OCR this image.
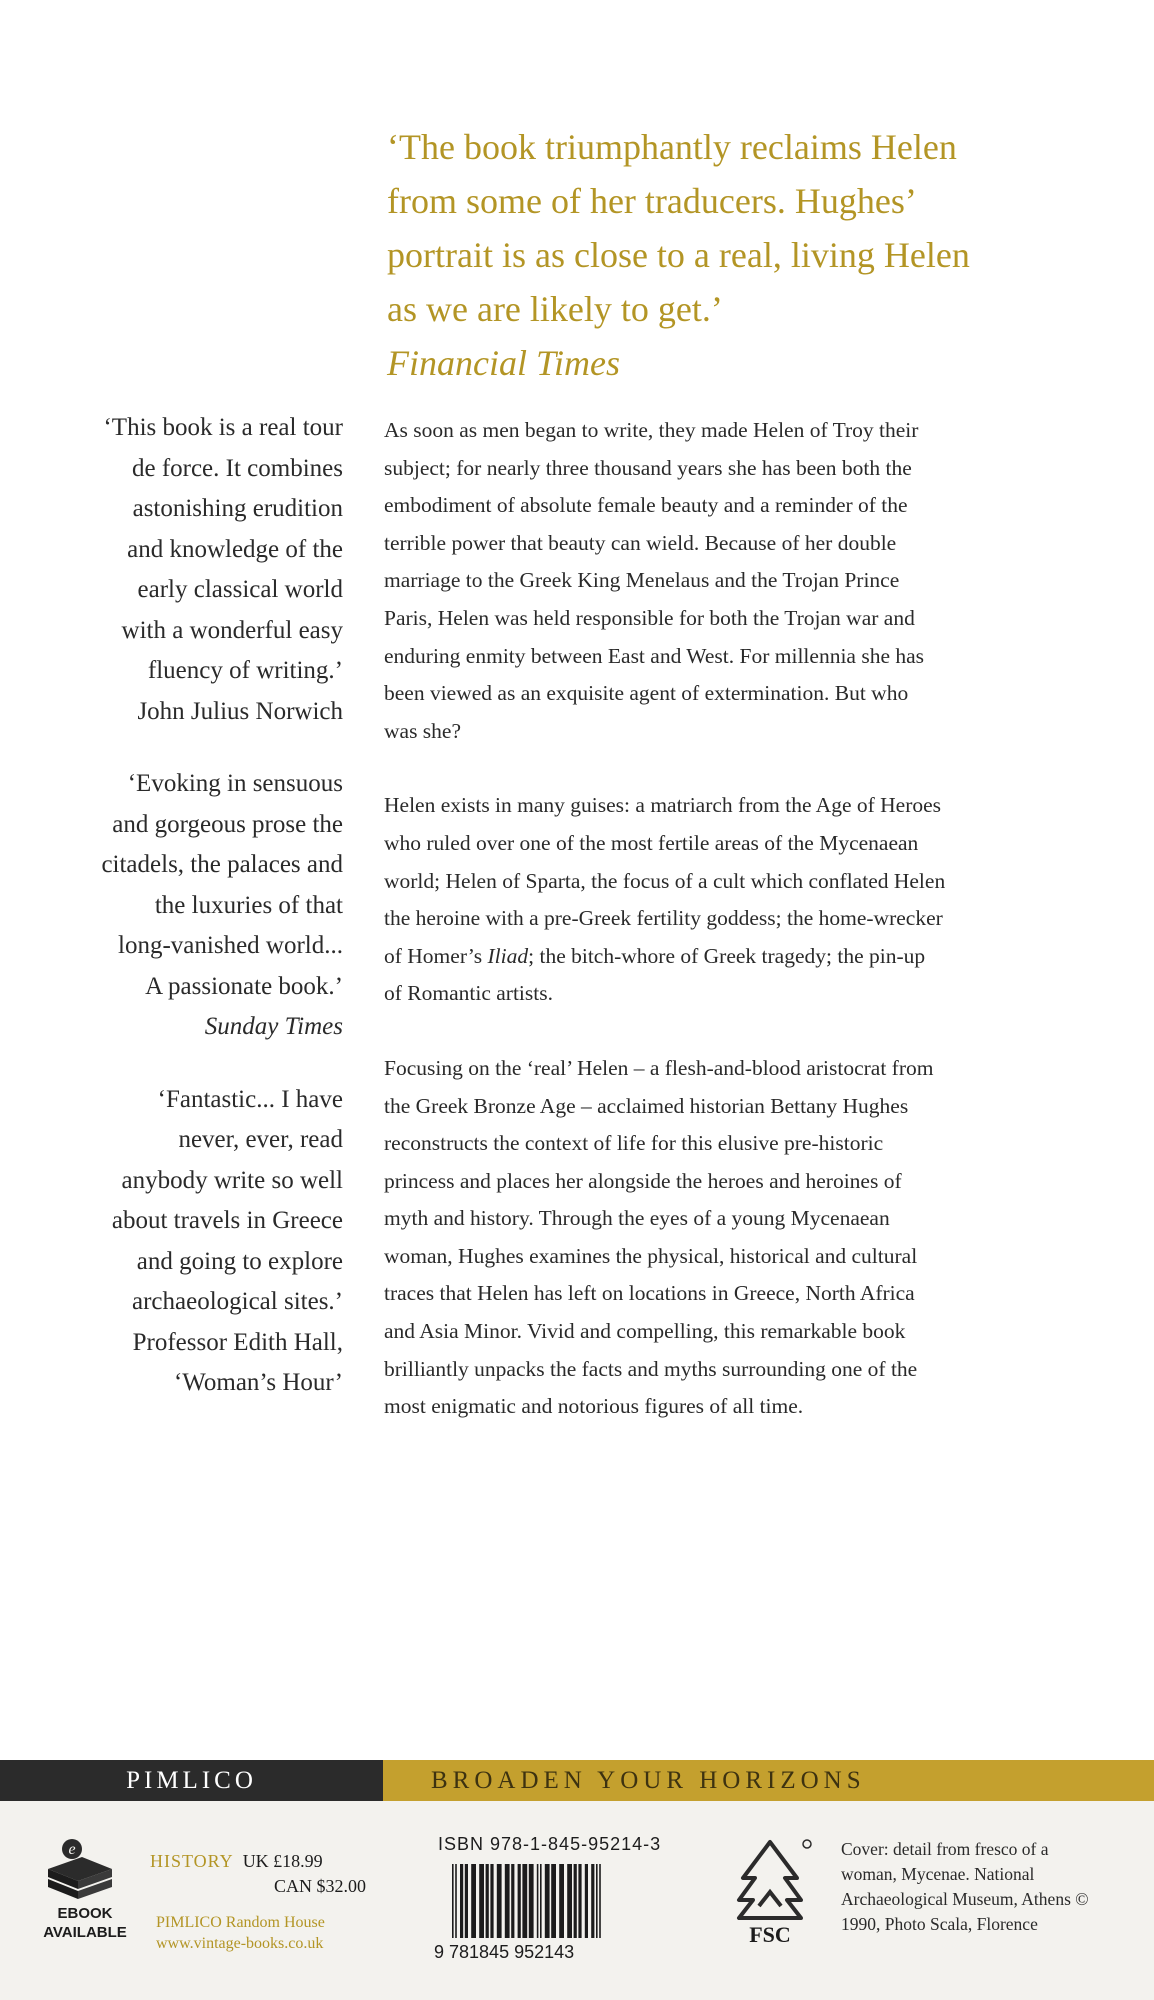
‘The book triumphantly reclaims Helen
from some of her traducers. Hughes’
portrait is as close to a real, living Helen
as we are likely to get.’
Financial Times
‘This book is a real tour
de force. It combines
astonishing erudition
and knowledge of the
early classical world
with a wonderful easy
fluency of writing.’
John Julius Norwich
‘Evoking in sensuous
and gorgeous prose the
citadels, the palaces and
the luxuries of that
long-vanished world...
A passionate book.’
Sunday Times
‘Fantastic... I have
never, ever, read
anybody write so well
about travels in Greece
and going to explore
archaeological sites.’
Professor Edith Hall,
‘Woman’s Hour’

As soon as men began to write, they made Helen of Troy their
subject; for nearly three thousand years she has been both the
embodiment of absolute female beauty and a reminder of the
terrible power that beauty can wield. Because of her double
marriage to the Greek King Menelaus and the Trojan Prince
Paris, Helen was held responsible for both the Trojan war and
enduring enmity between East and West. For millennia she has
been viewed as an exquisite agent of extermination. But who
was she?

Helen exists in many guises: a matriarch from the Age of Heroes
who ruled over one of the most fertile areas of the Mycenaean
world; Helen of Sparta, the focus of a cult which conflated Helen
the heroine with a pre-Greek fertility goddess; the home-wrecker
of Homer’s Iliad; the bitch-whore of Greek tragedy; the pin-up
of Romantic artists.

Focusing on the ‘real’ Helen – a flesh-and-blood aristocrat from
the Greek Bronze Age – acclaimed historian Bettany Hughes
reconstructs the context of life for this elusive pre-historic
princess and places her alongside the heroes and heroines of
myth and history. Through the eyes of a young Mycenaean
woman, Hughes examines the physical, historical and cultural
traces that Helen has left on locations in Greece, North Africa
and Asia Minor. Vivid and compelling, this remarkable book
brilliantly unpacks the facts and myths surrounding one of the
most enigmatic and notorious figures of all time.

PIMLICO	BROADEN YOUR HORIZONS
e
EBOOK
AVAILABLE
HISTORY UK £18.99
CAN $32.00
PIMLICO Random House
www.vintage-books.co.uk
ISBN 978-1-845-95214-3
9 781845 952143
FSC
Cover: detail from fresco of a
woman, Mycenae. National
Archaeological Museum, Athens ©
1990, Photo Scala, Florence
